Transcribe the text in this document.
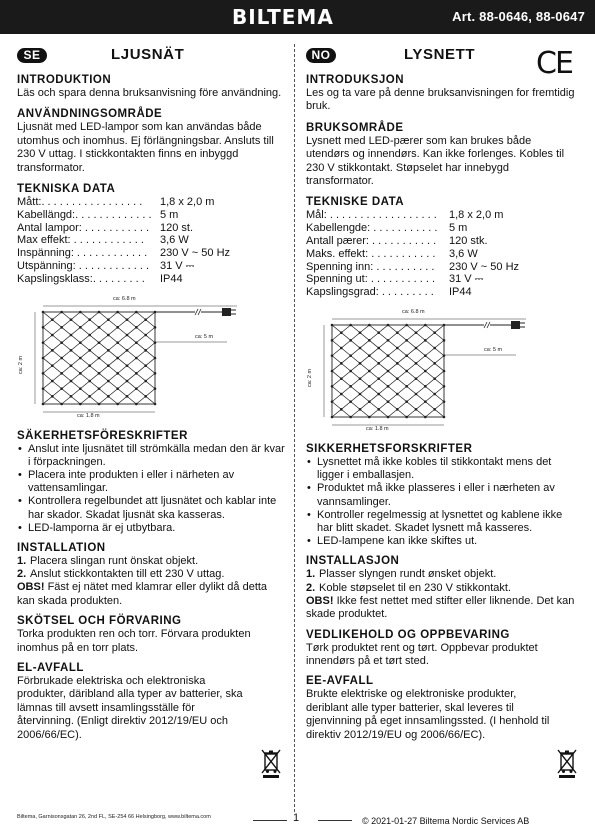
BILTEMA	Art. 88-0646, 88-0647
CE
SE	LJUSNÄT
INTRODUKTION

Läs och spara denna bruksanvisning före användning.

ANVÄNDNINGSOMRÅDE

Ljusnät med LED-lampor som kan användas både utomhus och inomhus. Ej förlängningsbar. Ansluts till 230 V uttag. I stickkontakten finns en inbyggd transformator.

TEKNISKA DATA
Mått:. . . . . . . . . . . . . . . . .	1,8 x 2,0 m
Kabellängd:. . . . . . . . . . . . . 5 m
Antal lampor: . . . . . . . . . . . 120 st.
Max effekt: . . . . . . . . . . . .	3,6 W
Inspänning: . . . . . . . . . . . .	230 V ~ 50 Hz
Utspänning: . . . . . . . . . . . . 31 V ⎓
Kapslingsklass:. . . . . . . . .	IP44
ca: 6.8 m
ca: 5 m
ca: 2 m
ca: 1.8 m
SÄKERHETSFÖRESKRIFTER
• Anslut inte ljusnätet till strömkälla medan den är kvar i förpackningen.
• Placera inte produkten i eller i närheten av vattensamlingar.
• Kontrollera regelbundet att ljusnätet och kablar inte har skador. Skadat ljusnät ska kasseras.
• LED-lamporna är ej utbytbara.
INSTALLATION
1. Placera slingan runt önskat objekt.
2. Anslut stickkontakten till ett 230 V uttag.

OBS! Fäst ej nätet med klamrar eller dylikt då detta kan skada produkten.

SKÖTSEL OCH FÖRVARING

Torka produkten ren och torr. Förvara produkten inomhus på en torr plats.

EL-AVFALL

Förbrukade elektriska och elektroniska produkter, däribland alla typer av batterier, ska lämnas till avsett insamlingsställe för återvinning. (Enligt direktiv 2012/19/EU och 2006/66/EC).

NO	LYSNETT
INTRODUKSJON

Les og ta vare på denne bruksanvisningen for fremtidig bruk.

BRUKSOMRÅDE

Lysnett med LED-pærer som kan brukes både utendørs og innendørs. Kan ikke forlenges. Kobles til 230 V stikkontakt. Støpselet har innebygd transformator.

TEKNISKE DATA
Mål: . . . . . . . . . . . . . . . . . .	1,8 x 2,0 m
Kabellengde: . . . . . . . . . . .	5 m
Antall pærer: . . . . . . . . . . .	120 stk.
Maks. effekt: . . . . . . . . . . .	3,6 W
Spenning inn: . . . . . . . . . .	230 V ~ 50 Hz
Spenning ut: . . . . . . . . . . .	31 V ⎓
Kapslingsgrad: . . . . . . . . .	IP44
ca: 6.8 m
ca: 5 m
ca: 2 m
ca: 1.8 m
SIKKERHETSFORSKRIFTER
• Lysnettet må ikke kobles til stikkontakt mens det ligger i emballasjen.
• Produktet må ikke plasseres i eller i nærheten av vannsamlinger.
• Kontroller regelmessig at lysnettet og kablene ikke har blitt skadet. Skadet lysnett må kasseres.
• LED-lampene kan ikke skiftes ut.
INSTALLASJON
1. Plasser slyngen rundt ønsket objekt.
2. Koble støpselet til en 230 V stikkontakt.

OBS! Ikke fest nettet med stifter eller liknende. Det kan skade produktet.

VEDLIKEHOLD OG OPPBEVARING

Tørk produktet rent og tørt. Oppbevar produktet innendørs på et tørt sted.

EE-AVFALL

Brukte elektriske og elektroniske produkter, deriblant alle typer batterier, skal leveres til gjenvinning på eget innsamlingssted. (I henhold til direktiv 2012/19/EU og 2006/66/EC).

Biltema, Garnisonsgatan 26, 2nd FL, SE-254 66 Helsingborg, www.biltema.com	1	© 2021-01-27 Biltema Nordic Services AB
